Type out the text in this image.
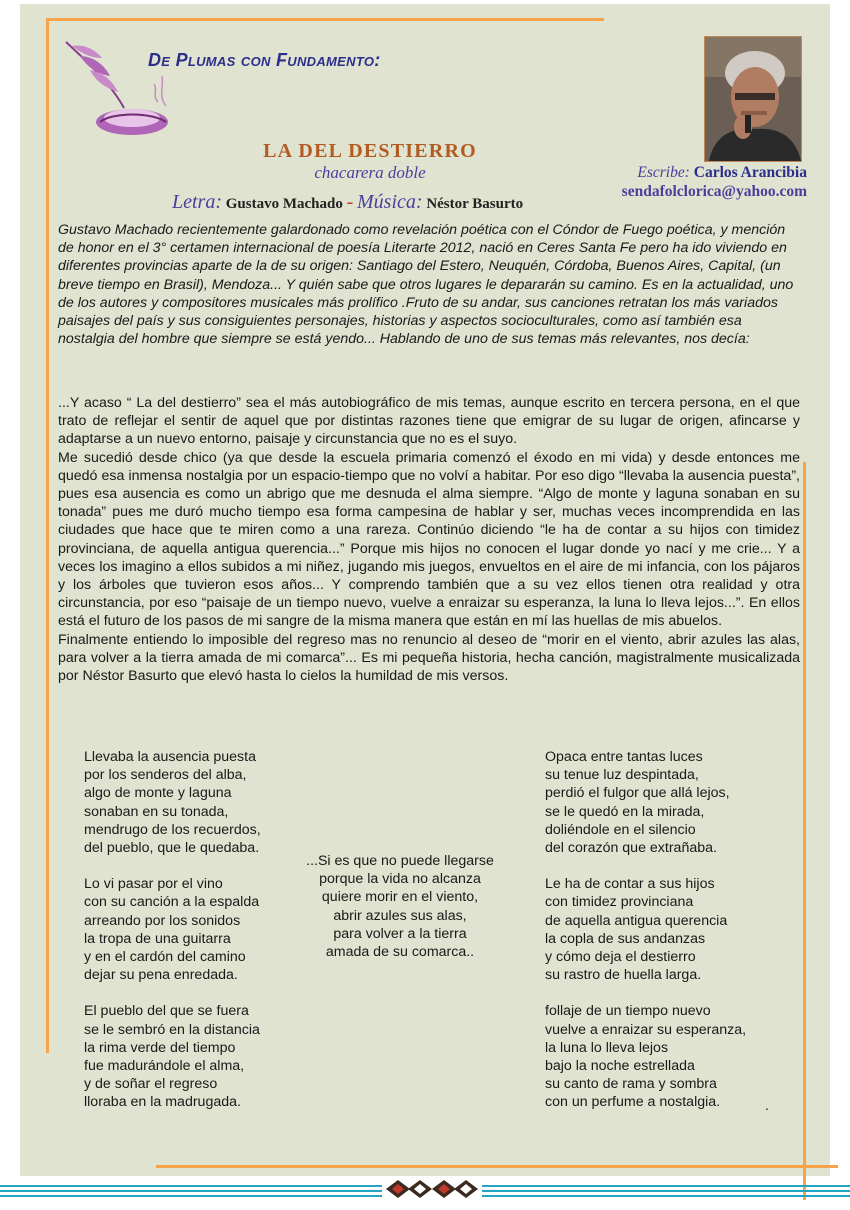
De Plumas con Fundamento:
LA DEL DESTIERRO
chacarera doble
Letra: Gustavo Machado - Música: Néstor Basurto
Escribe: Carlos Arancibia
sendafolclorica@yahoo.com

Gustavo Machado recientemente galardonado como revelación poética con el Cóndor de Fuego poética, y mención de honor en el 3° certamen internacional de poesía Literarte 2012, nació en Ceres Santa Fe pero ha ido viviendo en diferentes provincias aparte de la de su origen: Santiago del Estero, Neuquén, Córdoba, Buenos Aires, Capital, (un breve tiempo en Brasil), Mendoza... Y quién sabe que otros lugares le depararán su camino. Es en la actualidad, uno de los autores y compositores musicales más prolífico .Fruto de su andar, sus canciones retratan los más variados paisajes del país y sus consiguientes personajes, historias y aspectos socioculturales, como así también esa nostalgia del hombre que siempre se está yendo... Hablando de uno de sus temas más relevantes, nos decía:

...Y acaso “ La del destierro” sea el más autobiográfico de mis temas, aunque escrito en tercera persona, en el que trato de reflejar el sentir de aquel que por distintas razones tiene que emigrar de su lugar de origen, afincarse y adaptarse a un nuevo entorno, paisaje y circunstancia que no es el suyo.

Me sucedió desde chico (ya que desde la escuela primaria comenzó el éxodo en mi vida) y desde entonces me quedó esa inmensa nostalgia por un espacio-tiempo que no volví a habitar. Por eso digo “llevaba la ausencia puesta”, pues esa ausencia es como un abrigo que me desnuda el alma siempre. “Algo de monte y laguna sonaban en su tonada” pues me duró mucho tiempo esa forma campesina de hablar y ser, muchas veces incomprendida en las ciudades que hace que te miren como a una rareza. Continúo diciendo “le ha de contar a su hijos con timidez provinciana, de aquella antigua querencia...” Porque mis hijos no conocen el lugar donde yo nací y me crie... Y a veces los imagino a ellos subidos a mi niñez, jugando mis juegos, envueltos en el aire de mi infancia, con los pájaros y los árboles que tuvieron esos años... Y comprendo también que a su vez ellos tienen otra realidad y otra circunstancia, por eso “paisaje de un tiempo nuevo, vuelve a enraizar su esperanza, la luna lo lleva lejos...”. En ellos está el futuro de los pasos de mi sangre de la misma manera que están en mí las huellas de mis abuelos.

Finalmente entiendo lo imposible del regreso mas no renuncio al deseo de “morir en el viento, abrir azules las alas, para volver a la tierra amada de mi comarca”... Es mi pequeña historia, hecha canción, magistralmente musicalizada por Néstor Basurto que elevó hasta lo cielos la humildad de mis versos.

Llevaba la ausencia puesta
por los senderos del alba,
algo de monte y laguna
sonaban en su tonada,
mendrugo de los recuerdos,
del pueblo, que le quedaba.
Lo vi pasar por el vino
con su canción a la espalda
arreando por los sonidos
la tropa de una guitarra
y en el cardón del camino
dejar su pena enredada.
El pueblo del que se fuera
se le sembró en la distancia
la rima verde del tiempo
fue madurándole el alma,
y de soñar el regreso
lloraba en la madrugada.
...Si es que no puede llegarse
porque la vida no alcanza
quiere morir en el viento,
abrir azules sus alas,
para volver a la tierra
amada de su comarca..
Opaca entre tantas luces
su tenue luz despintada,
perdió el fulgor que allá lejos,
se le quedó en la mirada,
doliéndole en el silencio
del corazón que extrañaba.
Le ha de contar a sus hijos
con timidez provinciana
de aquella antigua querencia
la copla de sus andanzas
y cómo deja el destierro
su rastro de huella larga.
follaje de un tiempo nuevo
vuelve a enraizar su esperanza,
la luna lo lleva lejos
bajo la noche estrellada
su canto de rama y sombra
con un perfume a nostalgia.	.
